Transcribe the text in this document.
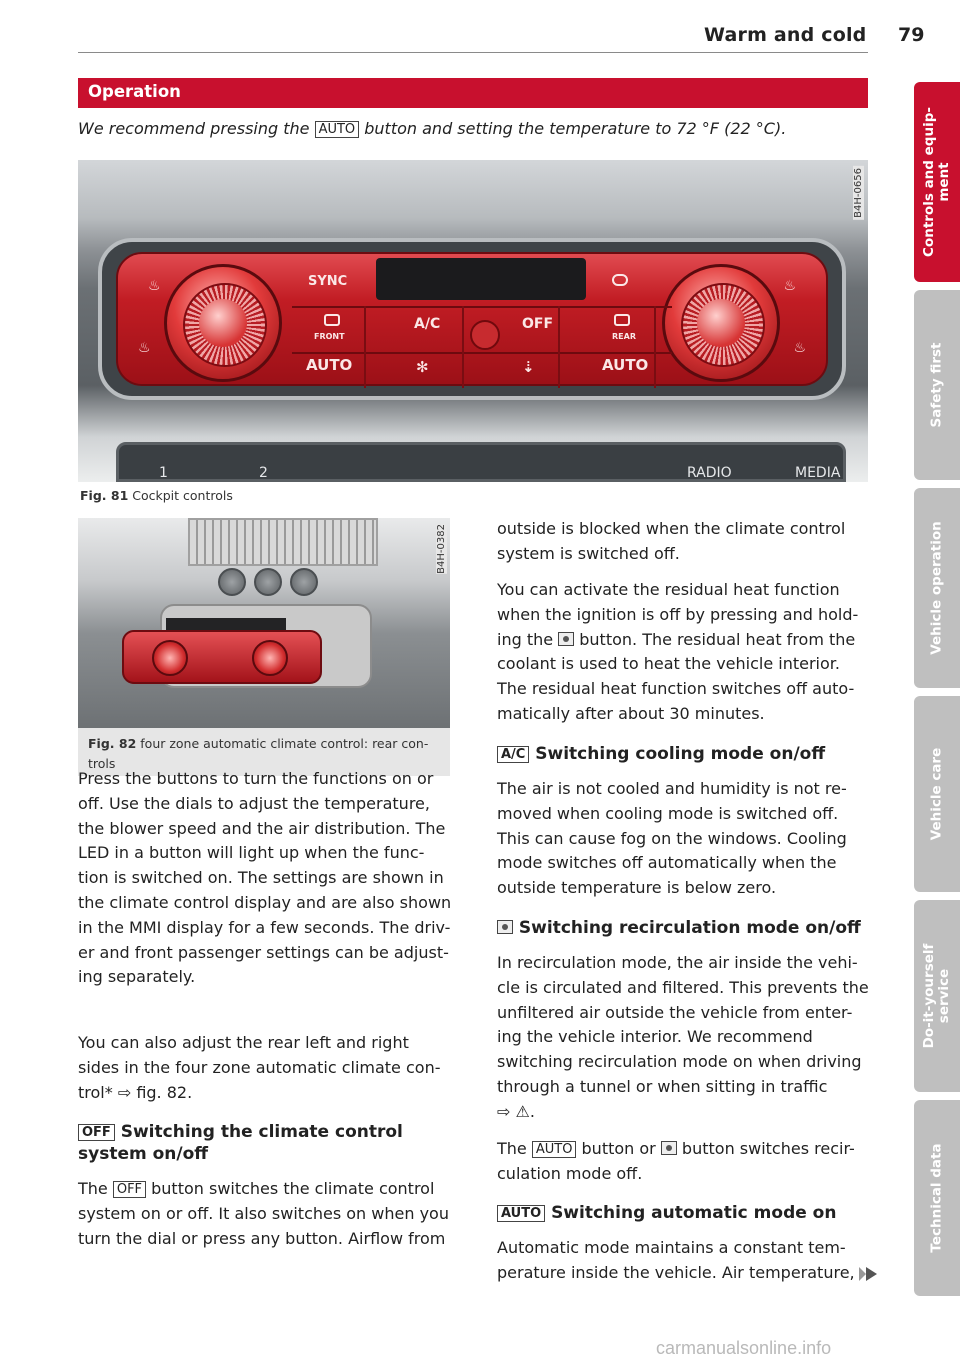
Warm and cold 79
Operation
We recommend pressing the AUTO button and setting the temperature to 72 °F (22 °C).
B4H-0656
SYNC
FRONT
A/C	OFF
REAR
AUTO	AUTO
✻	⇣
♨
♨
♨
♨
1	2	RADIO	MEDIA
Fig. 81 Cockpit controls
B4H-0382
Fig. 82 four zone automatic climate control: rear con-
trols
Press the buttons to turn the functions on or
off. Use the dials to adjust the temperature,
the blower speed and the air distribution. The
LED in a button will light up when the func-
tion is switched on. The settings are shown in
the climate control display and are also shown
in the MMI display for a few seconds. The driv-
er and front passenger settings can be adjust-
ing separately.
You can also adjust the rear left and right
sides in the four zone automatic climate con-
trol* ⇨ fig. 82.
OFF Switching the climate control
system on/off
The OFF button switches the climate control
system on or off. It also switches on when you
turn the dial or press any button. Airflow from
outside is blocked when the climate control
system is switched off.
You can activate the residual heat function
when the ignition is off by pressing and hold-
ing the  button. The residual heat from the
coolant is used to heat the vehicle interior.
The residual heat function switches off auto-
matically after about 30 minutes.
A/C Switching cooling mode on/off
The air is not cooled and humidity is not re-
moved when cooling mode is switched off.
This can cause fog on the windows. Cooling
mode switches off automatically when the
outside temperature is below zero.
Switching recirculation mode on/off
In recirculation mode, the air inside the vehi-
cle is circulated and filtered. This prevents the
unfiltered air outside the vehicle from enter-
ing the vehicle interior. We recommend
switching recirculation mode on when driving
through a tunnel or when sitting in traffic
⇨ ⚠.
The AUTO button or  button switches recir-
culation mode off.
AUTO Switching automatic mode on
Automatic mode maintains a constant tem-
perature inside the vehicle. Air temperature,
Controls and equip-
ment
Safety first
Vehicle operation
Vehicle care
Do-it-yourself
service
Technical data
carmanualsonline.info
